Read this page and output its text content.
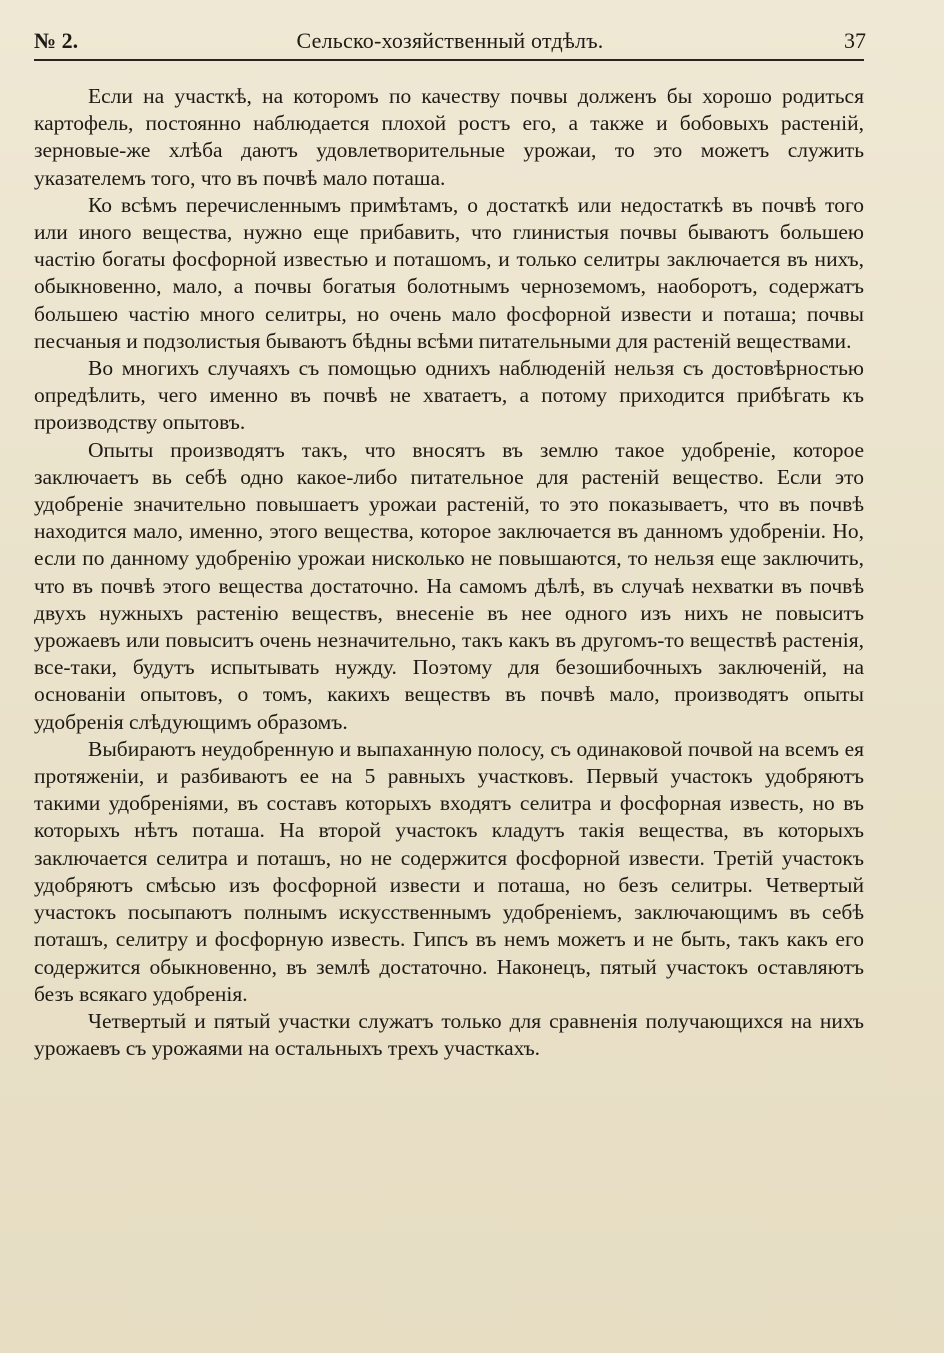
№ 2.	Сельско-хозяйственный отдѣлъ.	37

Если на участкѣ, на которомъ по качеству почвы долженъ бы хорошо родиться картофель, постоянно наблюдается плохой ростъ его, а также и бобовыхъ растеній, зерновые-же хлѣба даютъ удовлетворительные урожаи, то это можетъ служить указателемъ того, что въ почвѣ мало поташа.

Ко всѣмъ перечисленнымъ примѣтамъ, о достаткѣ или недостаткѣ въ почвѣ того или иного вещества, нужно еще прибавить, что глинистыя почвы бываютъ большею частію богаты фосфорной известью и поташомъ, и только селитры заключается въ нихъ, обыкновенно, мало, а почвы богатыя болотнымъ черноземомъ, наоборотъ, содержатъ большею частію много селитры, но очень мало фосфорной извести и поташа; почвы песчаныя и подзолистыя бываютъ бѣдны всѣми питательными для растеній веществами.

Во многихъ случаяхъ съ помощью однихъ наблюденій нельзя съ достовѣрностью опредѣлить, чего именно въ почвѣ не хватаетъ, а потому приходится прибѣгать къ производству опытовъ.

Опыты производятъ такъ, что вносятъ въ землю такое удобреніе, которое заключаетъ вь себѣ одно какое-либо питательное для растеній вещество. Если это удобреніе значительно повышаетъ урожаи растеній, то это показываетъ, что въ почвѣ находится мало, именно, этого вещества, которое заключается въ данномъ удобреніи. Но, если по данному удобренію урожаи нисколько не повышаются, то нельзя еще заключить, что въ почвѣ этого вещества достаточно. На самомъ дѣлѣ, въ случаѣ нехватки въ почвѣ двухъ нужныхъ растенію веществъ, внесеніе въ нее одного изъ нихъ не повыситъ урожаевъ или повыситъ очень незначительно, такъ какъ въ другомъ-то веществѣ растенія, все-таки, будутъ испытывать нужду. Поэтому для безошибочныхъ заключеній, на основаніи опытовъ, о томъ, какихъ веществъ въ почвѣ мало, производятъ опыты удобренія слѣдующимъ образомъ.

Выбираютъ неудобренную и выпаханную полосу, съ одинаковой почвой на всемъ ея протяженіи, и разбиваютъ ее на 5 равныхъ участковъ. Первый участокъ удобряютъ такими удобреніями, въ составъ которыхъ входятъ селитра и фосфорная известь, но въ которыхъ нѣтъ поташа. На второй участокъ кладутъ такія вещества, въ которыхъ заключается селитра и поташъ, но не содержится фосфорной извести. Третій участокъ удобряютъ смѣсью изъ фосфорной извести и поташа, но безъ селитры. Четвертый участокъ посыпаютъ полнымъ искусственнымъ удобреніемъ, заключающимъ въ себѣ поташъ, селитру и фосфорную известь. Гипсъ въ немъ можетъ и не быть, такъ какъ его содержится обыкновенно, въ землѣ достаточно. Наконецъ, пятый участокъ оставляютъ безъ всякаго удобренія.

Четвертый и пятый участки служатъ только для сравненія получающихся на нихъ урожаевъ съ урожаями на остальныхъ трехъ участкахъ.
